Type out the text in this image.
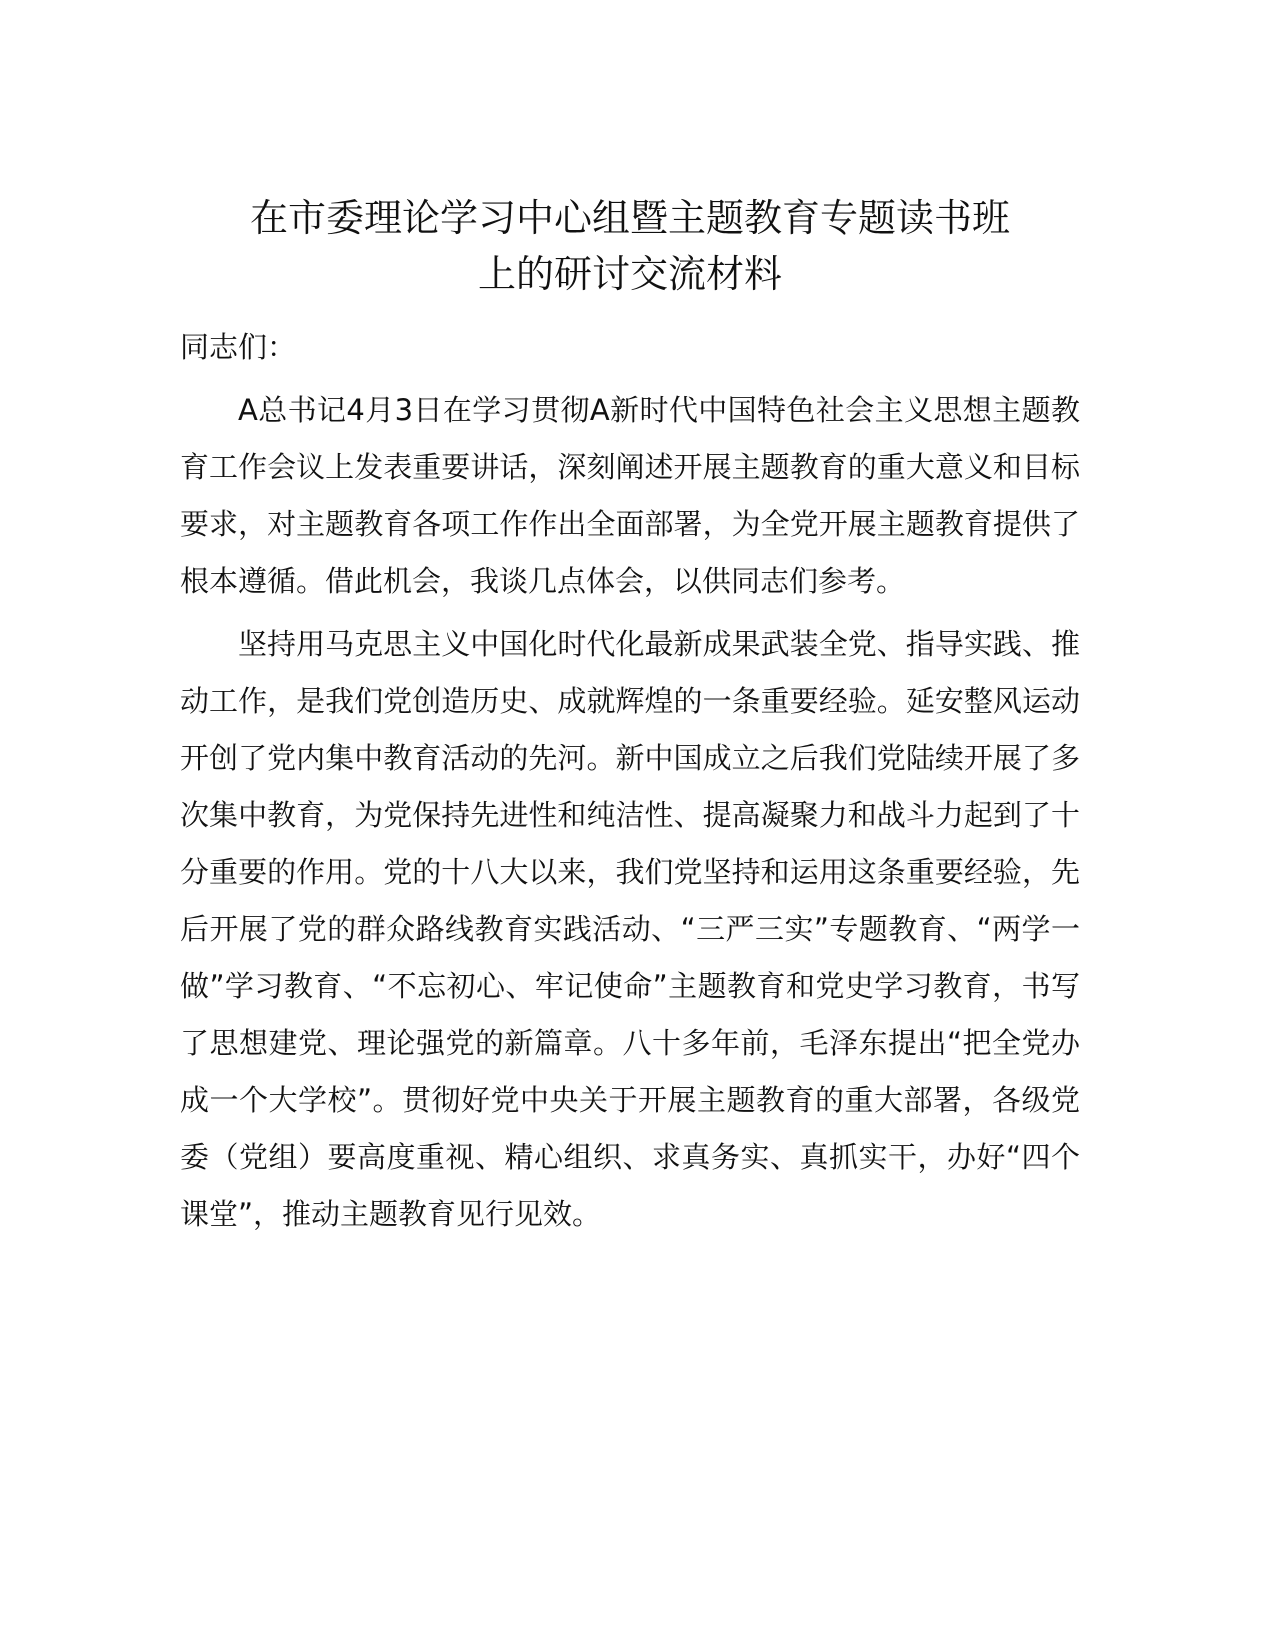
在市委理论学习中心组暨主题教育专题读书班
上的研讨交流材料

同志们：

A总书记4月3日在学习贯彻A新时代中国特色社会主义思想主题教育工作会议上发表重要讲话，深刻阐述开展主题教育的重大意义和目标要求，对主题教育各项工作作出全面部署，为全党开展主题教育提供了根本遵循。借此机会，我谈几点体会，以供同志们参考。

坚持用马克思主义中国化时代化最新成果武装全党、指导实践、推动工作，是我们党创造历史、成就辉煌的一条重要经验。延安整风运动开创了党内集中教育活动的先河。新中国成立之后我们党陆续开展了多次集中教育，为党保持先进性和纯洁性、提高凝聚力和战斗力起到了十分重要的作用。党的十八大以来，我们党坚持和运用这条重要经验，先后开展了党的群众路线教育实践活动、“三严三实”专题教育、“两学一做”学习教育、“不忘初心、牢记使命”主题教育和党史学习教育，书写了思想建党、理论强党的新篇章。八十多年前，毛泽东提出“把全党办成一个大学校”。贯彻好党中央关于开展主题教育的重大部署，各级党委（党组）要高度重视、精心组织、求真务实、真抓实干，办好“四个课堂”，推动主题教育见行见效。
